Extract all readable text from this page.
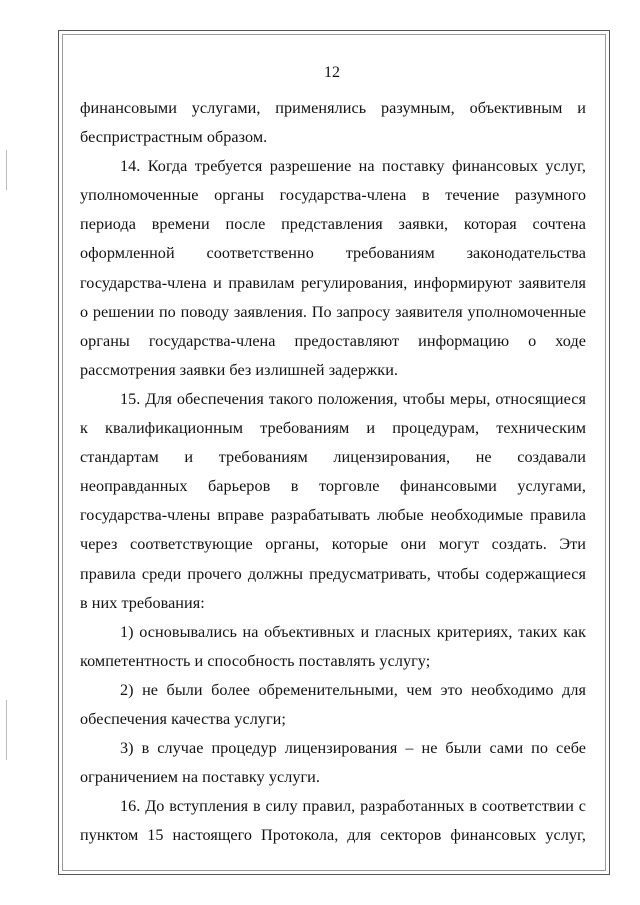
12

финансовыми услугами, применялись разумным, объективным и беспристрастным образом.

14. Когда требуется разрешение на поставку финансовых услуг, уполномоченные органы государства-члена в течение разумного периода времени после представления заявки, которая сочтена оформленной соответственно требованиям законодательства государства-члена и правилам регулирования, информируют заявителя о решении по поводу заявления. По запросу заявителя уполномоченные органы государства-члена предоставляют информацию о ходе рассмотрения заявки без излишней задержки.

15. Для обеспечения такого положения, чтобы меры, относящиеся к квалификационным требованиям и процедурам, техническим стандартам и требованиям лицензирования, не создавали неоправданных барьеров в торговле финансовыми услугами, государства-члены вправе разрабатывать любые необходимые правила через соответствующие органы, которые они могут создать. Эти правила среди прочего должны предусматривать, чтобы содержащиеся в них требования:

1) основывались на объективных и гласных критериях, таких как компетентность и способность поставлять услугу;

2) не были более обременительными, чем это необходимо для обеспечения качества услуги;

3) в случае процедур лицензирования – не были сами по себе ограничением на поставку услуги.

16. До вступления в силу правил, разработанных в соответствии с пунктом 15 настоящего Протокола, для секторов финансовых услуг,
